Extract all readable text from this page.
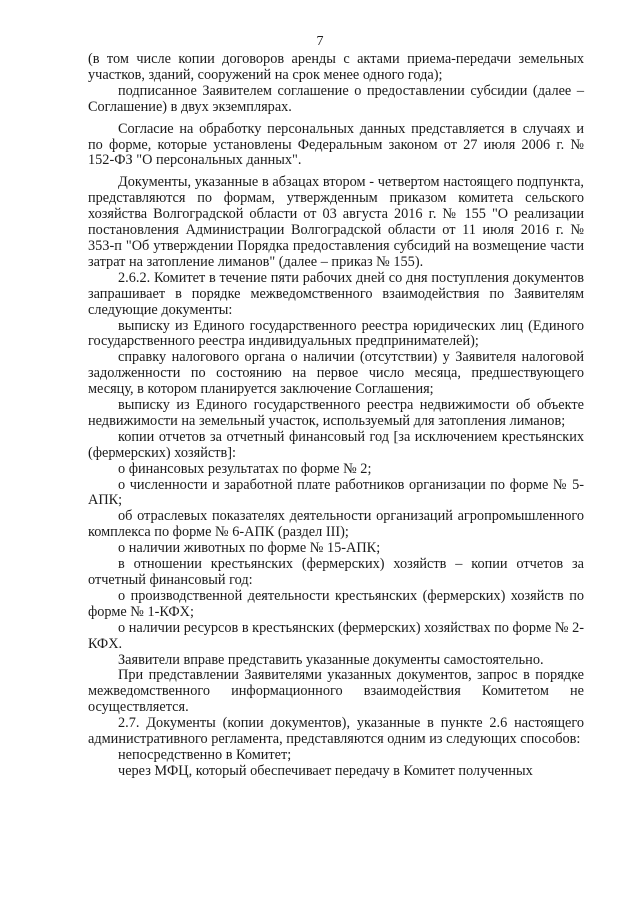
7

(в том числе копии договоров аренды с актами приема-передачи земельных участков, зданий, сооружений на срок менее одного года);

подписанное Заявителем соглашение о предоставлении субсидии (далее – Соглашение) в двух экземплярах.

Согласие на обработку персональных данных представляется в случаях и по форме, которые установлены Федеральным законом от 27 июля 2006 г. № 152-ФЗ "О персональных данных".

Документы, указанные в абзацах втором - четвертом настоящего подпункта, представляются по формам, утвержденным приказом комитета сельского хозяйства Волгоградской области от 03 августа 2016 г. № 155 "О реализации постановления Администрации Волгоградской области от 11 июля 2016 г. № 353-п "Об утверждении Порядка предоставления субсидий на возмещение части затрат на затопление лиманов" (далее – приказ № 155).

2.6.2. Комитет в течение пяти рабочих дней со дня поступления документов запрашивает в порядке межведомственного взаимодействия по Заявителям следующие документы:

выписку из Единого государственного реестра юридических лиц (Единого государственного реестра индивидуальных предпринимателей);

справку налогового органа о наличии (отсутствии) у Заявителя налоговой задолженности по состоянию на первое число месяца, предшествующего месяцу, в котором планируется заключение Соглашения;

выписку из Единого государственного реестра недвижимости об объекте недвижимости на земельный участок, используемый для затопления лиманов;

копии отчетов за отчетный финансовый год [за исключением крестьянских (фермерских) хозяйств]:

о финансовых результатах по форме № 2;

о численности и заработной плате работников организации по форме № 5-АПК;

об отраслевых показателях деятельности организаций агропромышленного комплекса по форме № 6-АПК (раздел III);

о наличии животных по форме № 15-АПК;

в отношении крестьянских (фермерских) хозяйств – копии отчетов за отчетный финансовый год:

о производственной деятельности крестьянских (фермерских) хозяйств по форме № 1-КФХ;

о наличии ресурсов в крестьянских (фермерских) хозяйствах по форме № 2-КФХ.

Заявители вправе представить указанные документы самостоятельно.

При представлении Заявителями указанных документов, запрос в порядке межведомственного информационного взаимодействия Комитетом не осуществляется.

2.7. Документы (копии документов), указанные в пункте 2.6 настоящего административного регламента, представляются одним из следующих способов:

непосредственно в Комитет;

через МФЦ, который обеспечивает передачу в Комитет полученных
